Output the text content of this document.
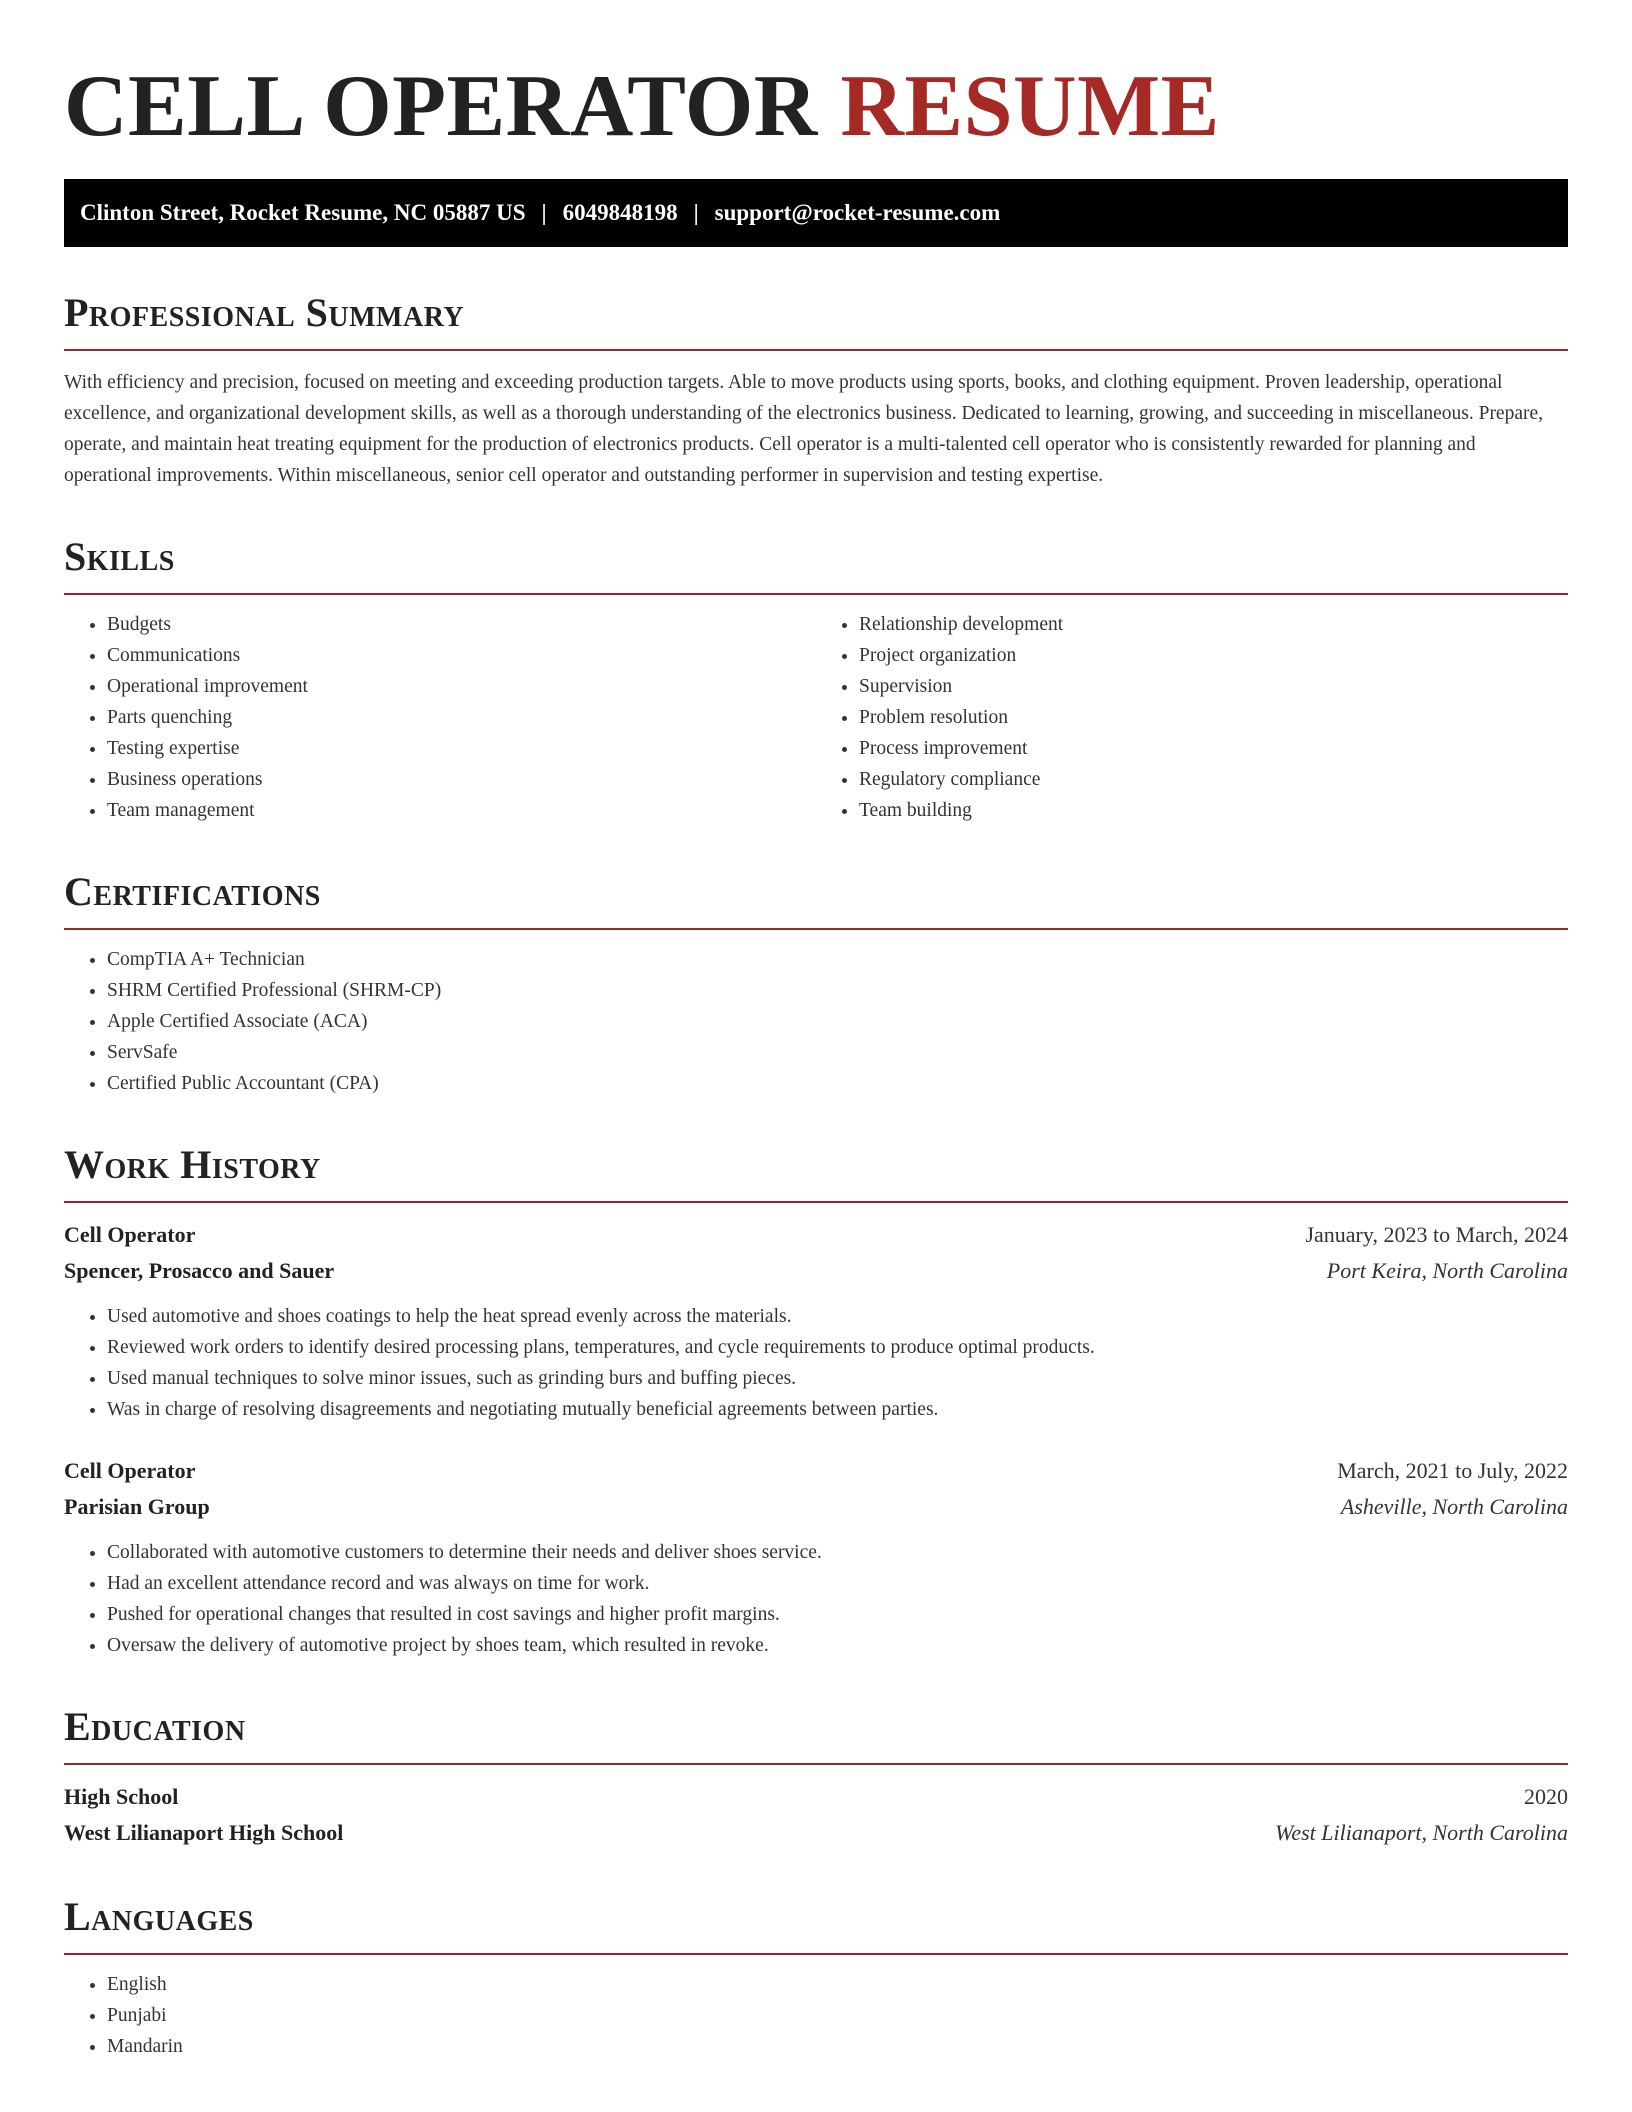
CELL OPERATOR RESUME
Clinton Street, Rocket Resume, NC 05887 US | 6049848198 | support@rocket-resume.com
Professional Summary

With efficiency and precision, focused on meeting and exceeding production targets. Able to move products using sports, books, and clothing equipment. Proven leadership, operational excellence, and organizational development skills, as well as a thorough understanding of the electronics business. Dedicated to learning, growing, and succeeding in miscellaneous. Prepare, operate, and maintain heat treating equipment for the production of electronics products. Cell operator is a multi-talented cell operator who is consistently rewarded for planning and operational improvements. Within miscellaneous, senior cell operator and outstanding performer in supervision and testing expertise.

Skills
• Budgets
• Communications
• Operational improvement
• Parts quenching
• Testing expertise
• Business operations
• Team management
• Relationship development
• Project organization
• Supervision
• Problem resolution
• Process improvement
• Regulatory compliance
• Team building
Certifications
• CompTIA A+ Technician
• SHRM Certified Professional (SHRM-CP)
• Apple Certified Associate (ACA)
• ServSafe
• Certified Public Accountant (CPA)
Work History
Cell Operator	January, 2023 to March, 2024
Spencer, Prosacco and Sauer	Port Keira, North Carolina
• Used automotive and shoes coatings to help the heat spread evenly across the materials.
• Reviewed work orders to identify desired processing plans, temperatures, and cycle requirements to produce optimal products.
• Used manual techniques to solve minor issues, such as grinding burs and buffing pieces.
• Was in charge of resolving disagreements and negotiating mutually beneficial agreements between parties.
Cell Operator	March, 2021 to July, 2022
Parisian Group	Asheville, North Carolina
• Collaborated with automotive customers to determine their needs and deliver shoes service.
• Had an excellent attendance record and was always on time for work.
• Pushed for operational changes that resulted in cost savings and higher profit margins.
• Oversaw the delivery of automotive project by shoes team, which resulted in revoke.
Education
High School	2020
West Lilianaport High School	West Lilianaport, North Carolina
Languages
• English
• Punjabi
• Mandarin
